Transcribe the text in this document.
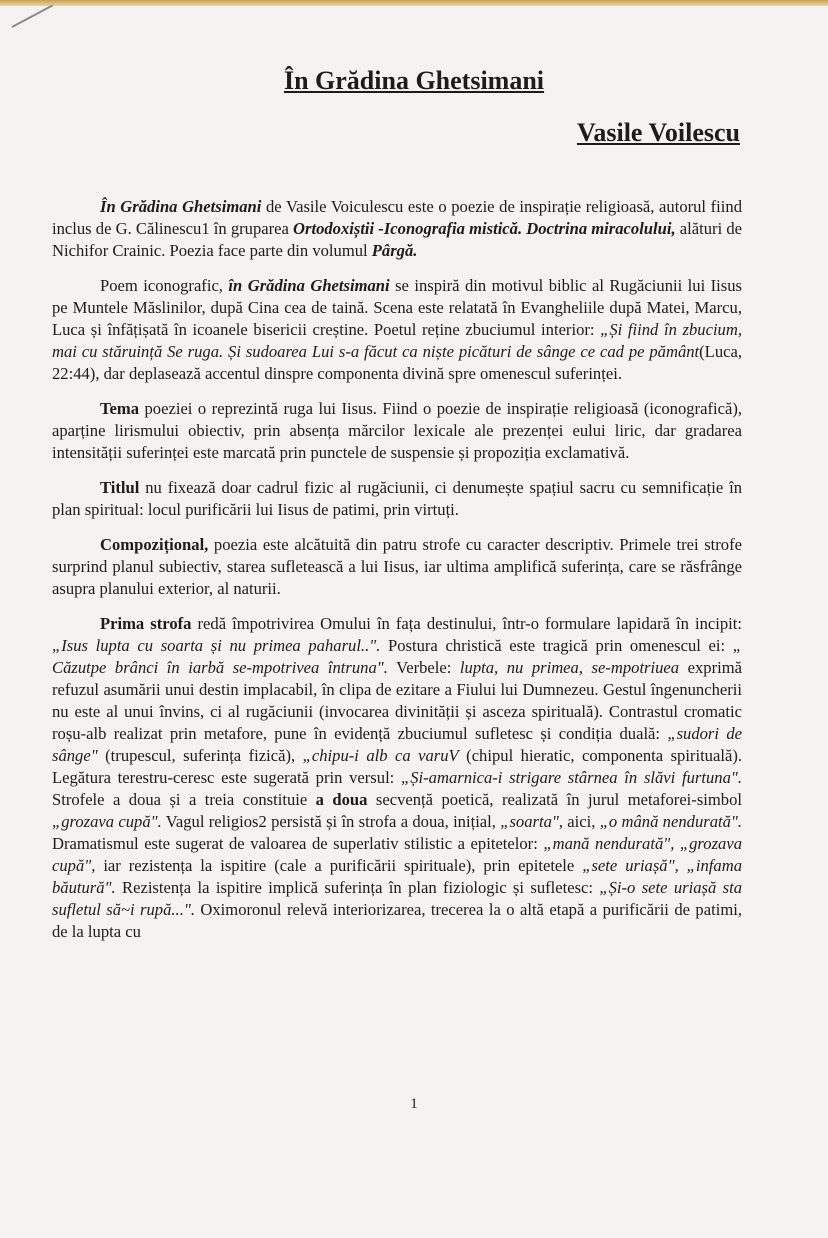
În Grădina Ghetsimani
Vasile Voilescu

În Grădina Ghetsimani de Vasile Voiculescu este o poezie de inspirație religioasă, autorul fiind inclus de G. Călinescu1 în gruparea Ortodoxiștii -Iconografia mistică. Doctrina miracolului, alături de Nichifor Crainic. Poezia face parte din volumul Pârgă.

Poem iconografic, în Grădina Ghetsimani se inspiră din motivul biblic al Rugăciunii lui Iisus pe Muntele Măslinilor, după Cina cea de taină. Scena este relatată în Evangheliile după Matei, Marcu, Luca și înfățișată în icoanele bisericii creștine. Poetul reține zbuciumul interior: „Și fiind în zbucium, mai cu stăruință Se ruga. Și sudoarea Lui s-a făcut ca niște picături de sânge ce cad pe pământ(Luca, 22:44), dar deplasează accentul dinspre componenta divină spre omenescul suferinței.

Tema poeziei o reprezintă ruga lui Iisus. Fiind o poezie de inspirație religioasă (iconografică), aparține lirismului obiectiv, prin absența mărcilor lexicale ale prezenței eului liric, dar gradarea intensității suferinței este marcată prin punctele de suspensie și propoziția exclamativă.

Titlul nu fixează doar cadrul fizic al rugăciunii, ci denumește spațiul sacru cu semnificație în plan spiritual: locul purificării lui Iisus de patimi, prin virtuți.

Compozițional, poezia este alcătuită din patru strofe cu caracter descriptiv. Primele trei strofe surprind planul subiectiv, starea sufletească a lui Iisus, iar ultima amplifică suferința, care se răsfrânge asupra planului exterior, al naturii.

Prima strofa redă împotrivirea Omului în fața destinului, într-o formulare lapidară în incipit: „Isus lupta cu soarta și nu primea paharul..". Postura christică este tragică prin omenescul ei: „ Căzutpe brânci în iarbă se-mpotrivea întruna". Verbele: lupta, nu primea, se-mpotriuea exprimă refuzul asumării unui destin implacabil, în clipa de ezitare a Fiului lui Dumnezeu. Gestul îngenuncherii nu este al unui învins, ci al rugăciunii (invocarea divinității și asceza spirituală). Contrastul cromatic roșu-alb realizat prin metafore, pune în evidență zbuciumul sufletesc și condiția duală: „sudori de sânge" (trupescul, suferința fizică), „chipu-i alb ca varuV (chipul hieratic, componenta spirituală). Legătura terestru-ceresc este sugerată prin versul: „Și-amarnica-i strigare stârnea în slăvi furtuna". Strofele a doua și a treia constituie a doua secvență poetică, realizată în jurul metaforei-simbol „grozava cupă". Vagul religios2 persistă și în strofa a doua, inițial, „soarta", aici, „o mână nendurată". Dramatismul este sugerat de valoarea de superlativ stilistic a epitetelor: „mană nendurată", „grozava cupă", iar rezistența la ispitire (cale a purificării spirituale), prin epitetele „sete uriașă", „infama băutură". Rezistența la ispitire implică suferința în plan fiziologic și sufletesc: „Și-o sete uriașă sta sufletul să~i rupă...". Oximoronul relevă interiorizarea, trecerea la o altă etapă a purificării de patimi, de la lupta cu

1
